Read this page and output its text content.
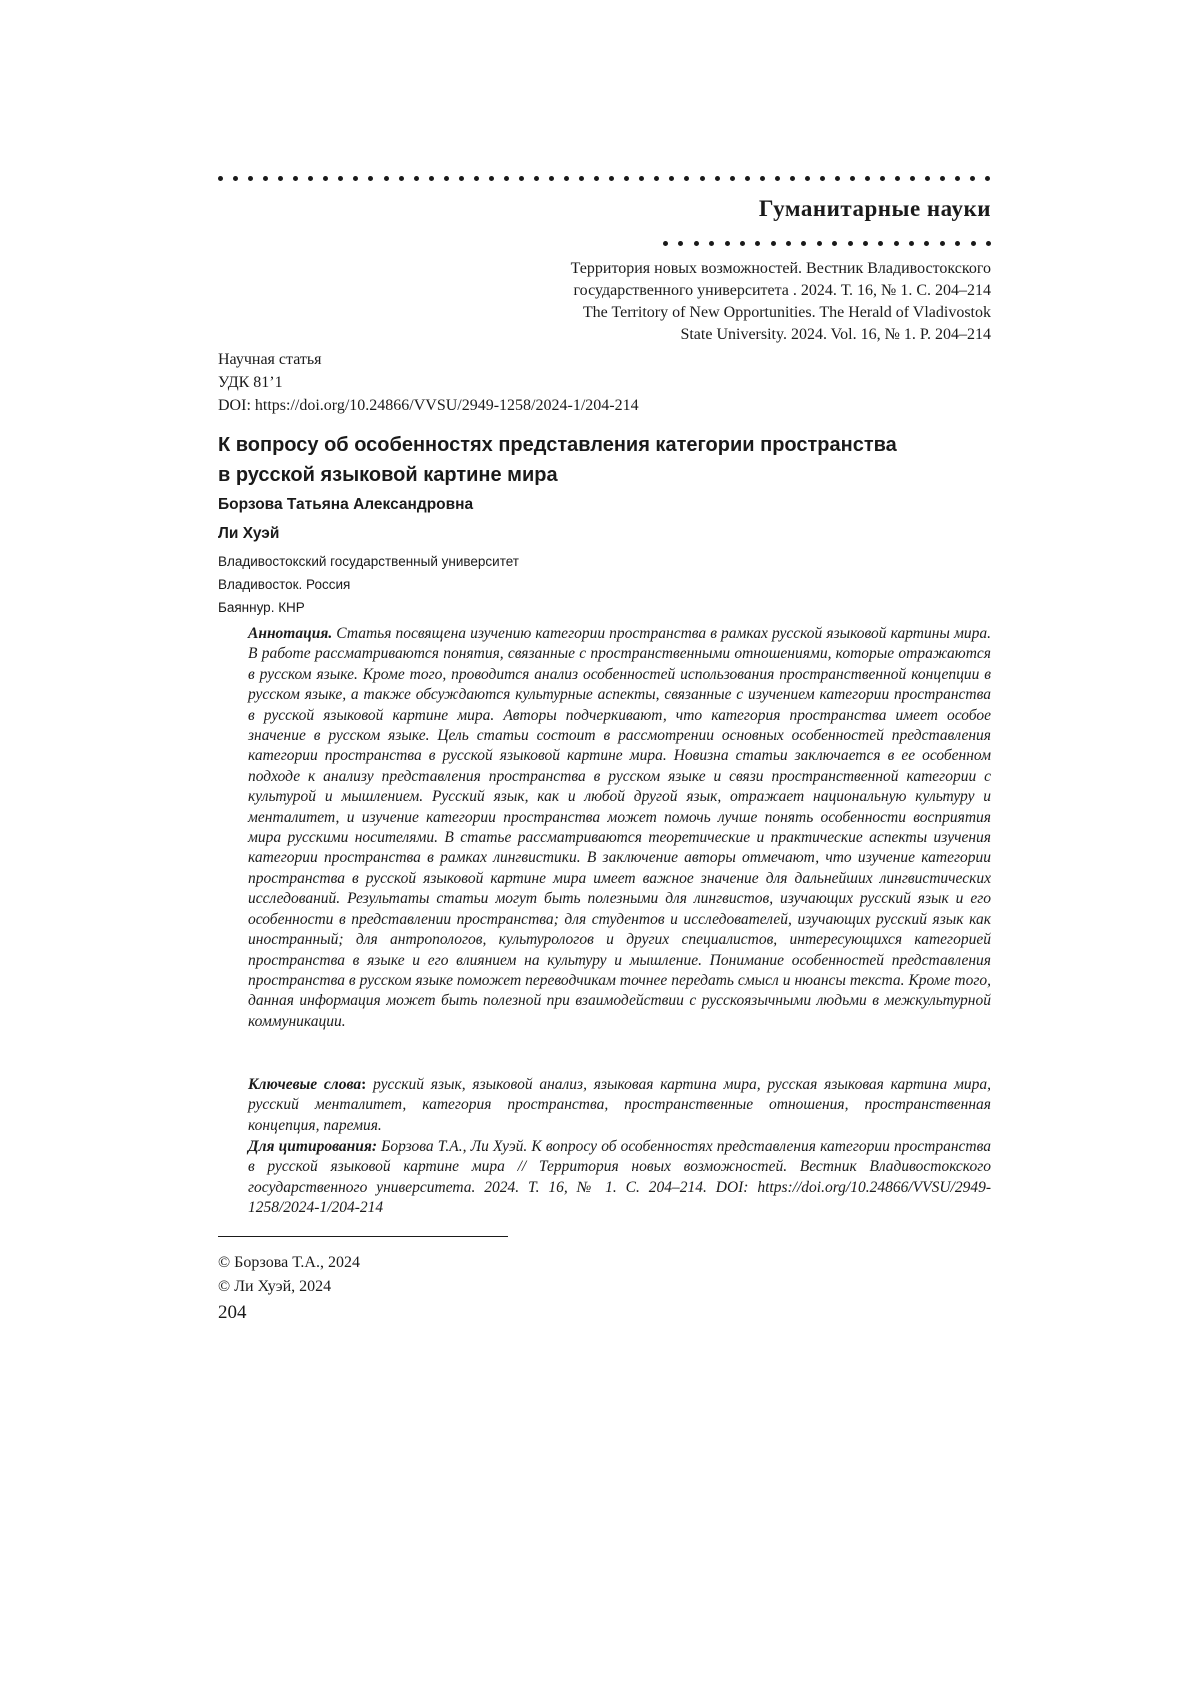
Гуманитарные науки
Территория новых возможностей. Вестник Владивостокского
государственного университета . 2024. Т. 16, № 1. С. 204–214
The Territory of New Opportunities. The Herald of Vladivostok
State University. 2024. Vol. 16, № 1. P. 204–214
Научная статья
УДК 81’1
DOI: https://doi.org/10.24866/VVSU/2949-1258/2024-1/204-214
К вопросу об особенностях представления категории пространства
в русской языковой картине мира
Борзова Татьяна Александровна
Ли Хуэй
Владивостокский государственный университет
Владивосток. Россия
Баяннур. КНР
Аннотация. Статья посвящена изучению категории пространства в рамках русской языковой картины мира. В работе рассматриваются понятия, связанные с пространственными отношениями, которые отражаются в русском языке. Кроме того, проводится анализ особенностей использования пространственной концепции в русском языке, а также обсуждаются культурные аспекты, связанные с изучением категории пространства в русской языковой картине мира. Авторы подчеркивают, что категория пространства имеет особое значение в русском языке. Цель статьи состоит в рассмотрении основных особенностей представления категории пространства в русской языковой картине мира. Новизна статьи заключается в ее особенном подходе к анализу представления пространства в русском языке и связи пространственной категории с культурой и мышлением. Русский язык, как и любой другой язык, отражает национальную культуру и менталитет, и изучение категории пространства может помочь лучше понять особенности восприятия мира русскими носителями. В статье рассматриваются теоретические и практические аспекты изучения категории пространства в рамках лингвистики. В заключение авторы отмечают, что изучение категории пространства в русской языковой картине мира имеет важное значение для дальнейших лингвистических исследований. Результаты статьи могут быть полезными для лингвистов, изучающих русский язык и его особенности в представлении пространства; для студентов и исследователей, изучающих русский язык как иностранный; для антропологов, культурологов и других специалистов, интересующихся категорией пространства в языке и его влиянием на культуру и мышление. Понимание особенностей представления пространства в русском языке поможет переводчикам точнее передать смысл и нюансы текста. Кроме того, данная информация может быть полезной при взаимодействии с русскоязычными людьми в межкультурной коммуникации.
Ключевые слова: русский язык, языковой анализ, языковая картина мира, русская языковая картина мира, русский менталитет, категория пространства, пространственные отношения, пространственная концепция, паремия.
Для цитирования: Борзова Т.А., Ли Хуэй. К вопросу об особенностях представления категории пространства в русской языковой картине мира // Территория новых возможностей. Вестник Владивостокского государственного университета. 2024. Т. 16, № 1. С. 204–214. DOI: https://doi.org/10.24866/VVSU/2949-1258/2024-1/204-214
© Борзова Т.А., 2024
© Ли Хуэй, 2024
204
